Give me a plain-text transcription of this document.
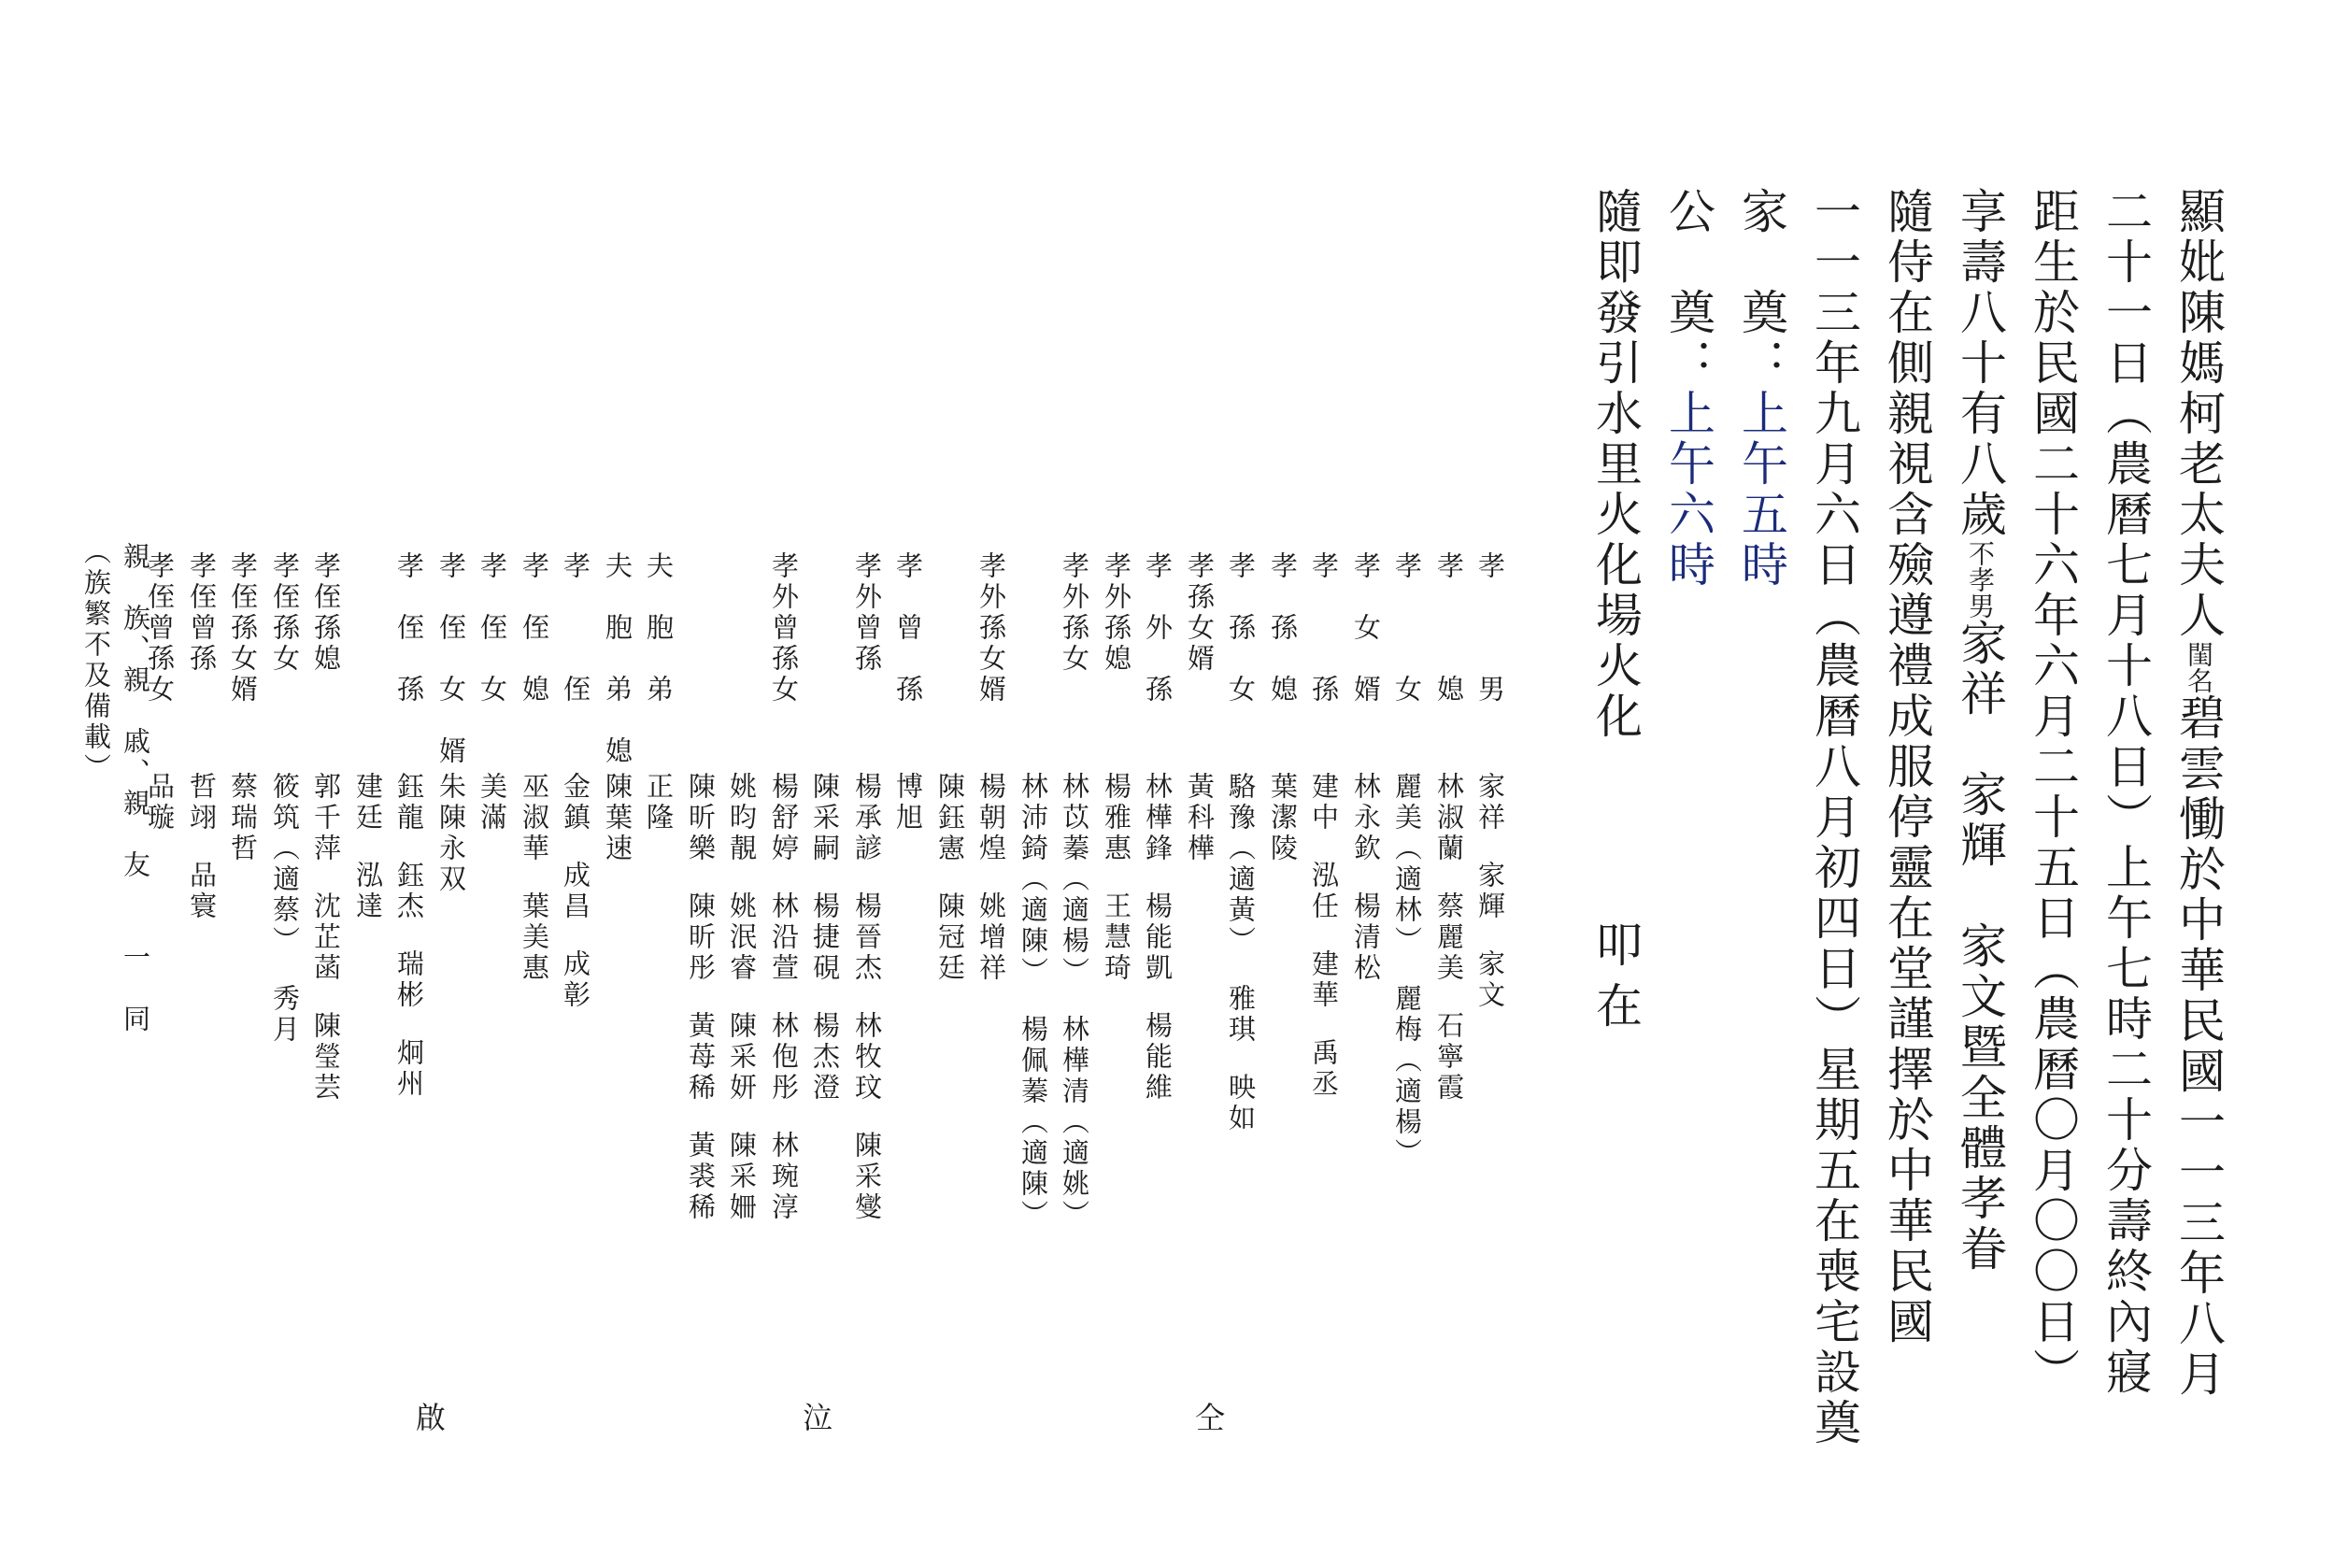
顯妣陳媽柯老太夫人閨名碧雲慟於中華民國一一三年八月
二十一日（農曆七月十八日）上午七時二十分壽終內寢
距生於民國二十六年六月二十五日（農曆〇月〇〇日）
享壽八十有八歲不孝男家祥　家輝　家文暨全體孝眷
隨侍在側親視含殮遵禮成服停靈在堂謹擇於中華民國
一一三年九月六日（農曆八月初四日）星期五在喪宅設奠
家　奠：上午五時
公　奠：上午六時
隨即發引水里火化場火化
叩
在
孝　　　男
家祥
家輝
家文
孝　　　媳
林淑蘭
蔡麗美
石寧霞
孝　　　女
麗美（適林）
麗梅（適楊）
孝　女　婿
林永欽
楊清松
孝　　　孫
建中
泓任
建華
禹丞
孝　孫　媳
葉潔陵
孝　孫　女
駱豫（適黃）
雅琪
映如
孝孫女婿
黃科樺
孝　外　孫
林樺鋒
楊能凱
楊能維
孝外孫媳
楊雅惠
王慧琦
孝外孫女
林苡蓁（適楊）
林樺清（適姚）
林沛錡（適陳）
楊佩蓁（適陳）
孝外孫女婿
楊朝煌
姚增祥
陳鈺憲
陳冠廷
孝　曾　孫
博旭
孝外曾孫
楊承諺
楊晉杰
林牧玟
陳采燮
陳采嗣
楊捷硯
楊杰澄
孝外曾孫女
楊舒婷
林沿萱
林佨彤
林琬淳
姚昀靚
姚泯睿
陳采妍
陳采姍
陳昕樂
陳昕彤
黃苺稀
黃裘稀
夫　胞　弟
正隆
夫　胞　弟　媳
陳葉速
孝　　　侄
金鎮
成昌
成彰
孝　侄　媳
巫淑華
葉美惠
孝　侄　女
美滿
孝　侄　女　婿
朱陳永双
孝　侄　孫
鈺龍
鈺杰
瑞彬
炯州
建廷
泓達
孝侄孫媳
郭千萍
沈芷菡
陳瑩芸
孝侄孫女
筱筑（適蔡）
秀月
孝侄孫女婿
蔡瑞哲
孝侄曾孫
哲翊
品寰
孝侄曾孫女
品璇
親　族、親　戚、親　友　　一　同
（族繁不及備載）
仝
泣
啟
